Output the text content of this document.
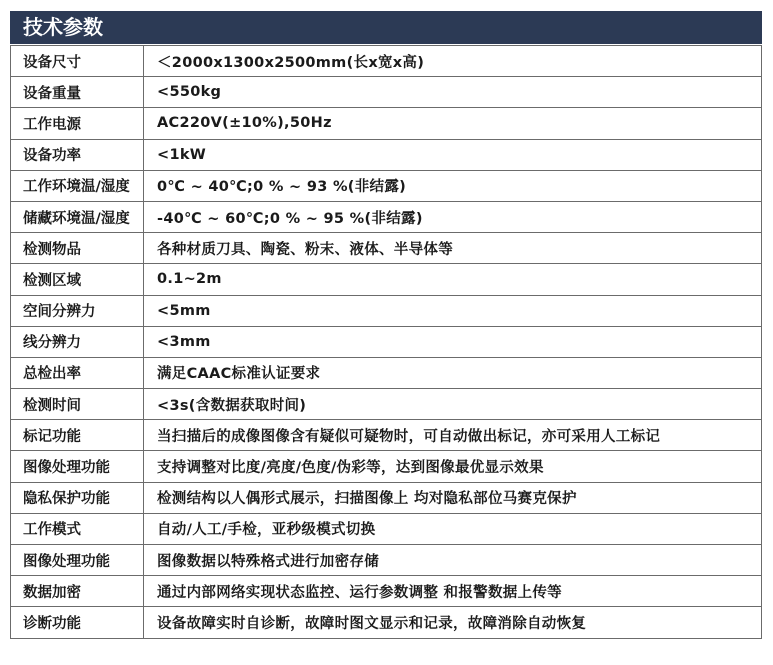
技术参数
设备尺寸	＜2000x1300x2500mm(长x宽x高)
设备重量	<550kg
工作电源	AC220V(±10%),50Hz
设备功率	<1kW
工作环境温/湿度	0℃ ~ 40℃;0 % ~ 93 %(非结露)
储藏环境温/湿度	-40℃ ~ 60℃;0 % ~ 95 %(非结露)
检测物品	各种材质刀具、陶瓷、粉末、液体、半导体等
检测区域	0.1~2m
空间分辨力	<5mm
线分辨力	<3mm
总检出率	满足CAAC标准认证要求
检测时间	<3s(含数据获取时间)
标记功能	当扫描后的成像图像含有疑似可疑物时，可自动做出标记，亦可采用人工标记
图像处理功能	支持调整对比度/亮度/色度/伪彩等，达到图像最优显示效果
隐私保护功能	检测结构以人偶形式展示，扫描图像上 均对隐私部位马赛克保护
工作模式	自动/人工/手检，亚秒级模式切换
图像处理功能	图像数据以特殊格式进行加密存储
数据加密	通过内部网络实现状态监控、运行参数调整 和报警数据上传等
诊断功能	设备故障实时自诊断，故障时图文显示和记录，故障消除自动恢复
